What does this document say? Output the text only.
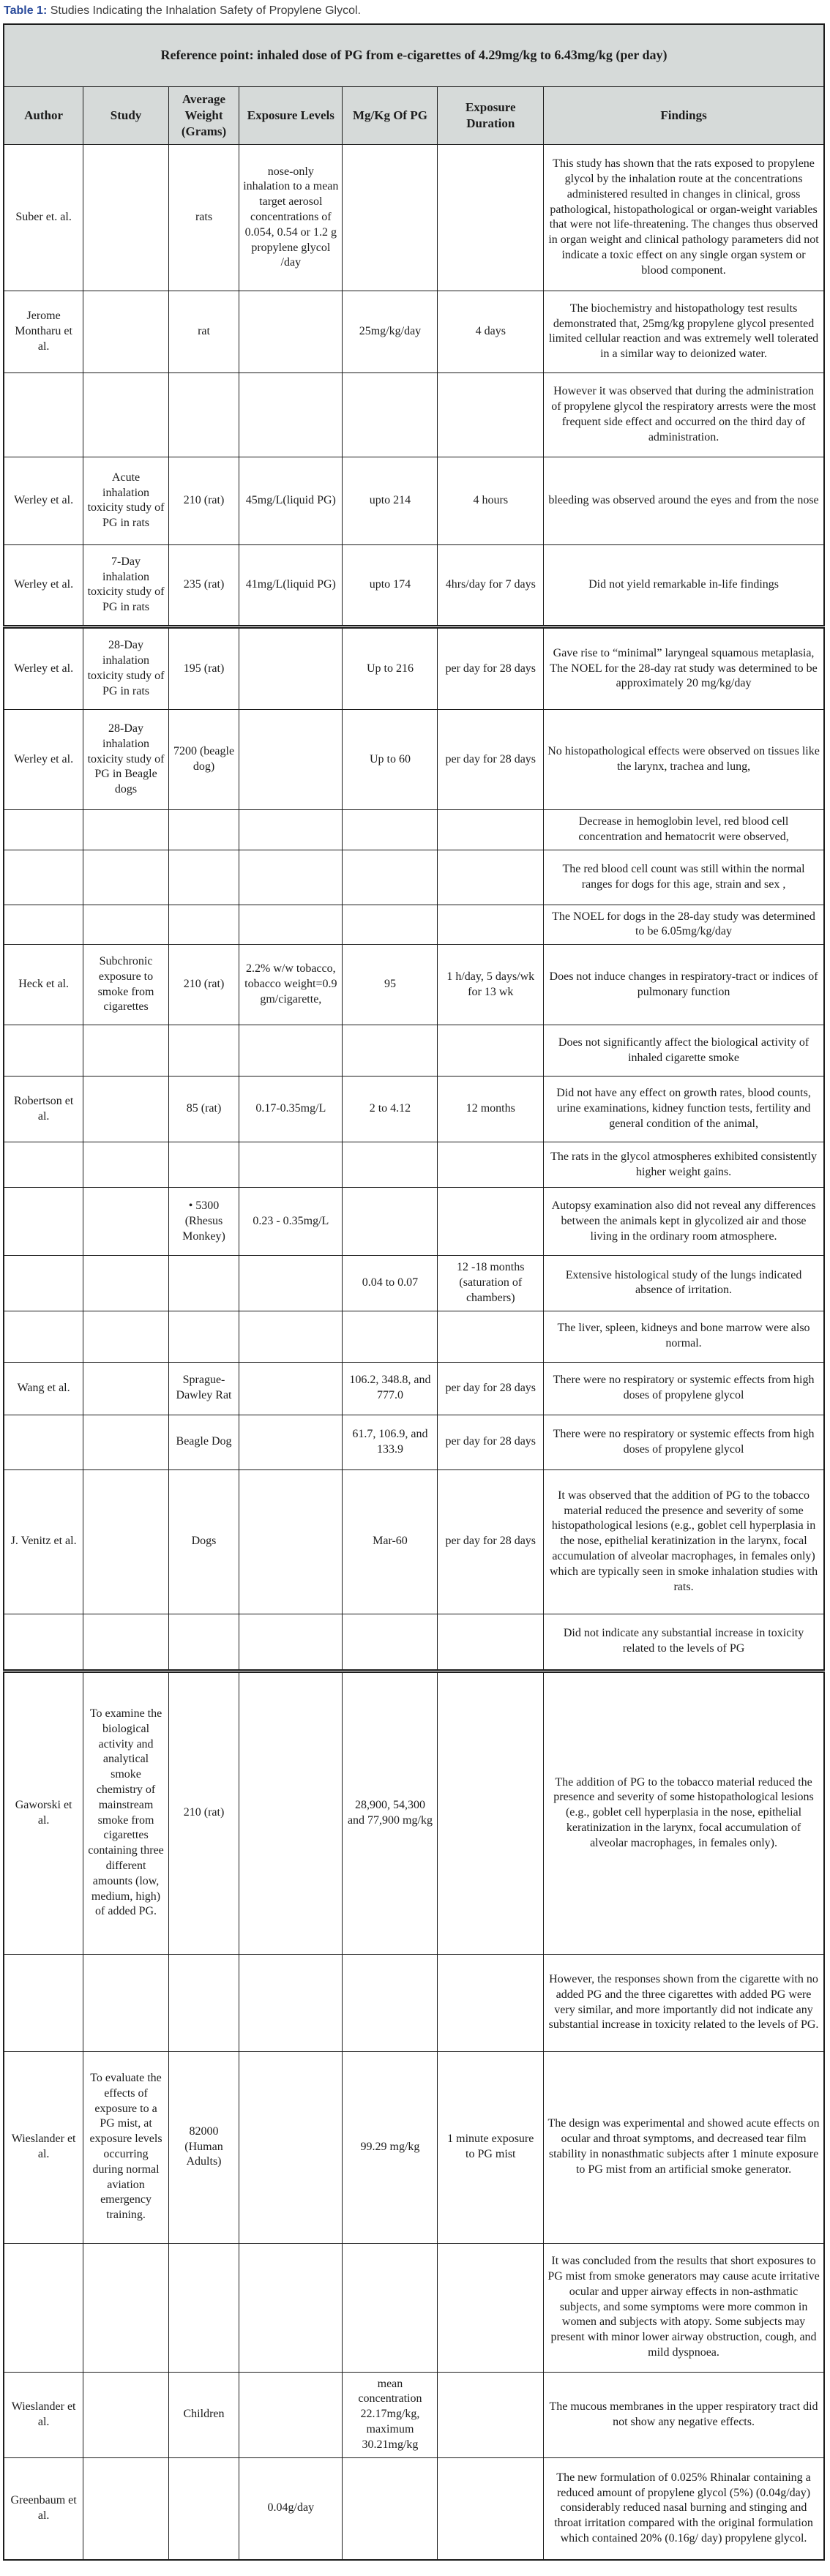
Table 1: Studies Indicating the Inhalation Safety of Propylene Glycol.
Reference point: inhaled dose of PG from e-cigarettes of 4.29mg/kg to 6.43mg/kg (per day)						
Author	Study	Average Weight (Grams)	Exposure Levels	Mg/Kg Of PG	Exposure Duration	Findings
Suber et. al.		rats	nose-only inhalation to a mean target aerosol concentrations of 0.054, 0.54 or 1.2 g propylene glycol /day			This study has shown that the rats exposed to propylene glycol by the inhalation route at the concentrations administered resulted in changes in clinical, gross pathological, histopathological or organ-weight variables that were not life-threatening. The changes thus observed in organ weight and clinical pathology parameters did not indicate a toxic effect on any single organ system or blood component.
Jerome Montharu et al.		rat		25mg/kg/day	4 days	The biochemistry and histopathology test results demonstrated that, 25mg/kg propylene glycol presented limited cellular reaction and was extremely well tolerated in a similar way to deionized water.
						However it was observed that during the administration of propylene glycol the respiratory arrests were the most frequent side effect and occurred on the third day of administration.
Werley et al.	Acute inhalation toxicity study of PG in rats	210 (rat)	45mg/L(liquid PG)	upto 214	4 hours	bleeding was observed around the eyes and from the nose
Werley et al.	7-Day inhalation toxicity study of PG in rats	235 (rat)	41mg/L(liquid PG)	upto 174	4hrs/day for 7 days	Did not yield remarkable in-life findings
Werley et al.	28-Day inhalation toxicity study of PG in rats	195 (rat)		Up to 216	per day for 28 days	Gave rise to “minimal” laryngeal squamous metaplasia, The NOEL for the 28-day rat study was determined to be approximately 20 mg/kg/day
Werley et al.	28-Day inhalation toxicity study of PG in Beagle dogs	7200 (beagle dog)		Up to 60	per day for 28 days	No histopathological effects were observed on tissues like the larynx, trachea and lung,
						Decrease in hemoglobin level, red blood cell concentration and hematocrit were observed,
						The red blood cell count was still within the normal ranges for dogs for this age, strain and sex ,
						The NOEL for dogs in the 28-day study was determined to be 6.05mg/kg/day
Heck et al.	Subchronic exposure to smoke from cigarettes	210 (rat)	2.2% w/w tobacco, tobacco weight=0.9 gm/cigarette,	95	1 h/day, 5 days/wk for 13 wk	Does not induce changes in respiratory-tract or indices of pulmonary function
						Does not significantly affect the biological activity of inhaled cigarette smoke
Robertson et al.		85 (rat)	0.17-0.35mg/L	2 to 4.12	12 months	Did not have any effect on growth rates, blood counts, urine examinations, kidney function tests, fertility and general condition of the animal,
						The rats in the glycol atmospheres exhibited consistently higher weight gains.
		• 5300 (Rhesus Monkey)	0.23 - 0.35mg/L			Autopsy examination also did not reveal any differences between the animals kept in glycolized air and those living in the ordinary room atmosphere.
				0.04 to 0.07	12 -18 months (saturation of chambers)	Extensive histological study of the lungs indicated absence of irritation.
						The liver, spleen, kidneys and bone marrow were also normal.
Wang et al.		Sprague-Dawley Rat		106.2, 348.8, and 777.0	per day for 28 days	There were no respiratory or systemic effects from high doses of propylene glycol
		Beagle Dog		61.7, 106.9, and 133.9	per day for 28 days	There were no respiratory or systemic effects from high doses of propylene glycol
J. Venitz et al.		Dogs		Mar-60	per day for 28 days	It was observed that the addition of PG to the tobacco material reduced the presence and severity of some histopathological lesions (e.g., goblet cell hyperplasia in the nose, epithelial keratinization in the larynx, focal accumulation of alveolar macrophages, in females only) which are typically seen in smoke inhalation studies with rats.
						Did not indicate any substantial increase in toxicity related to the levels of PG
Gaworski et al.	To examine the biological activity and analytical smoke chemistry of mainstream smoke from cigarettes containing three different amounts (low, medium, high) of added PG.	210 (rat)		28,900, 54,300 and 77,900 mg/kg		The addition of PG to the tobacco material reduced the presence and severity of some histopathological lesions (e.g., goblet cell hyperplasia in the nose, epithelial keratinization in the larynx, focal accumulation of alveolar macrophages, in females only).
						However, the responses shown from the cigarette with no added PG and the three cigarettes with added PG were very similar, and more importantly did not indicate any substantial increase in toxicity related to the levels of PG.
Wieslander et al.	To evaluate the effects of exposure to a PG mist, at exposure levels occurring during normal aviation emergency training.	82000 (Human Adults)		99.29 mg/kg	1 minute exposure to PG mist	The design was experimental and showed acute effects on ocular and throat symptoms, and decreased tear film stability in nonasthmatic subjects after 1 minute exposure to PG mist from an artificial smoke generator.
						It was concluded from the results that short exposures to PG mist from smoke generators may cause acute irritative ocular and upper airway effects in non-asthmatic subjects, and some symptoms were more common in women and subjects with atopy. Some subjects may present with minor lower airway obstruction, cough, and mild dyspnoea.
Wieslander et al.		Children		mean concentration 22.17mg/kg, maximum 30.21mg/kg		The mucous membranes in the upper respiratory tract did not show any negative effects.
Greenbaum et al.			0.04g/day			The new formulation of 0.025% Rhinalar containing a reduced amount of propylene glycol (5%) (0.04g/day) considerably reduced nasal burning and stinging and throat irritation compared with the original formulation which contained 20% (0.16g/ day) propylene glycol.
